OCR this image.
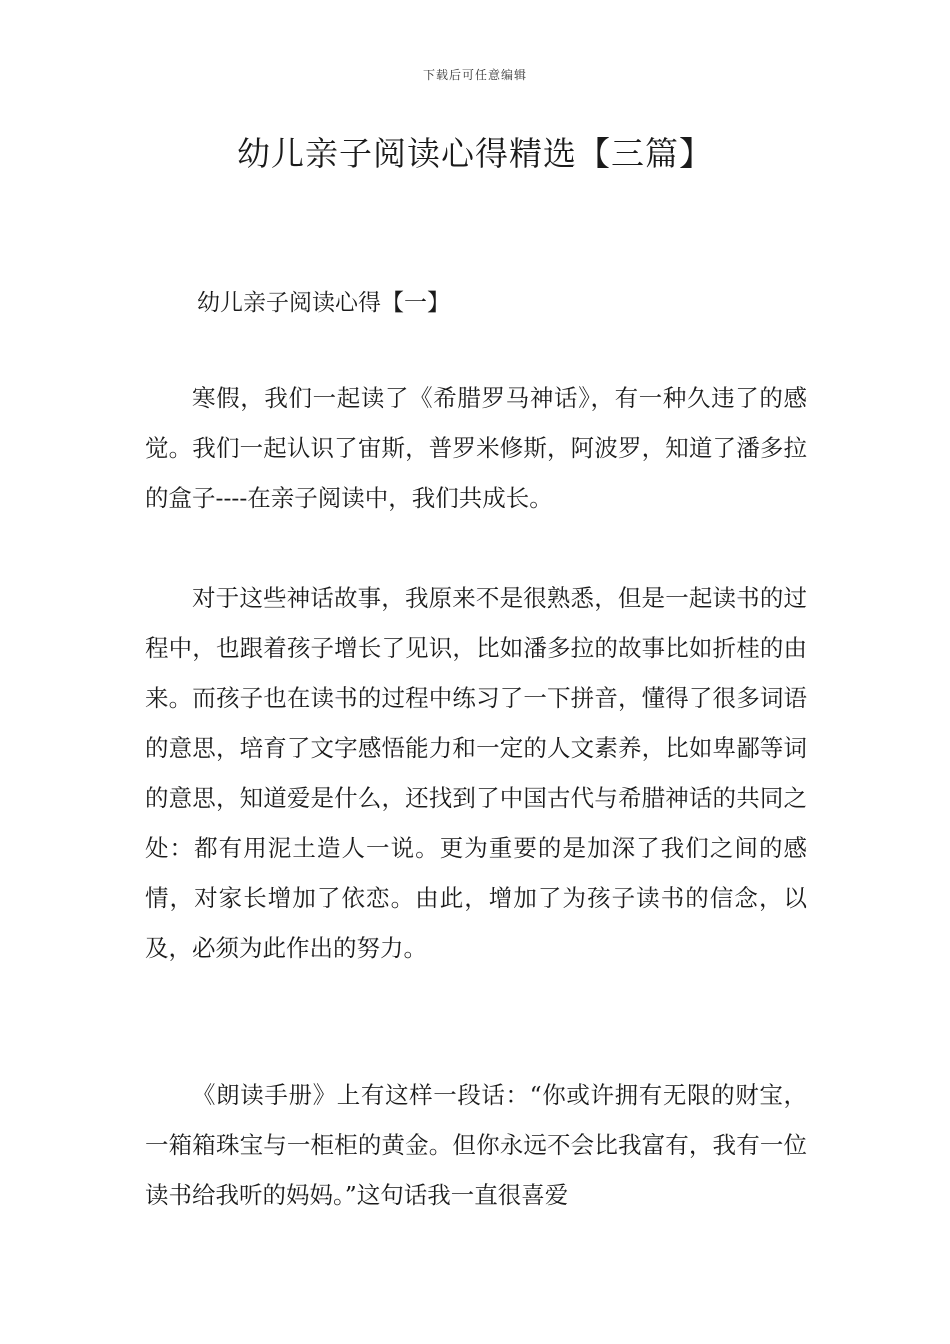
下载后可任意编辑
幼儿亲子阅读心得精选【三篇】
幼儿亲子阅读心得【一】

寒假，我们一起读了《希腊罗马神话》，有一种久违了的感觉。我们一起认识了宙斯，普罗米修斯，阿波罗，知道了潘多拉的盒子----在亲子阅读中，我们共成长。

对于这些神话故事，我原来不是很熟悉，但是一起读书的过程中，也跟着孩子增长了见识，比如潘多拉的故事比如折桂的由来。而孩子也在读书的过程中练习了一下拼音，懂得了很多词语的意思，培育了文字感悟能力和一定的人文素养，比如卑鄙等词的意思，知道爱是什么，还找到了中国古代与希腊神话的共同之处：都有用泥土造人一说。更为重要的是加深了我们之间的感情，对家长增加了依恋。由此，增加了为孩子读书的信念，以及，必须为此作出的努力。

《朗读手册》上有这样一段话：“你或许拥有无限的财宝，一箱箱珠宝与一柜柜的黄金。但你永远不会比我富有，我有一位读书给我听的妈妈。”这句话我一直很喜爱
